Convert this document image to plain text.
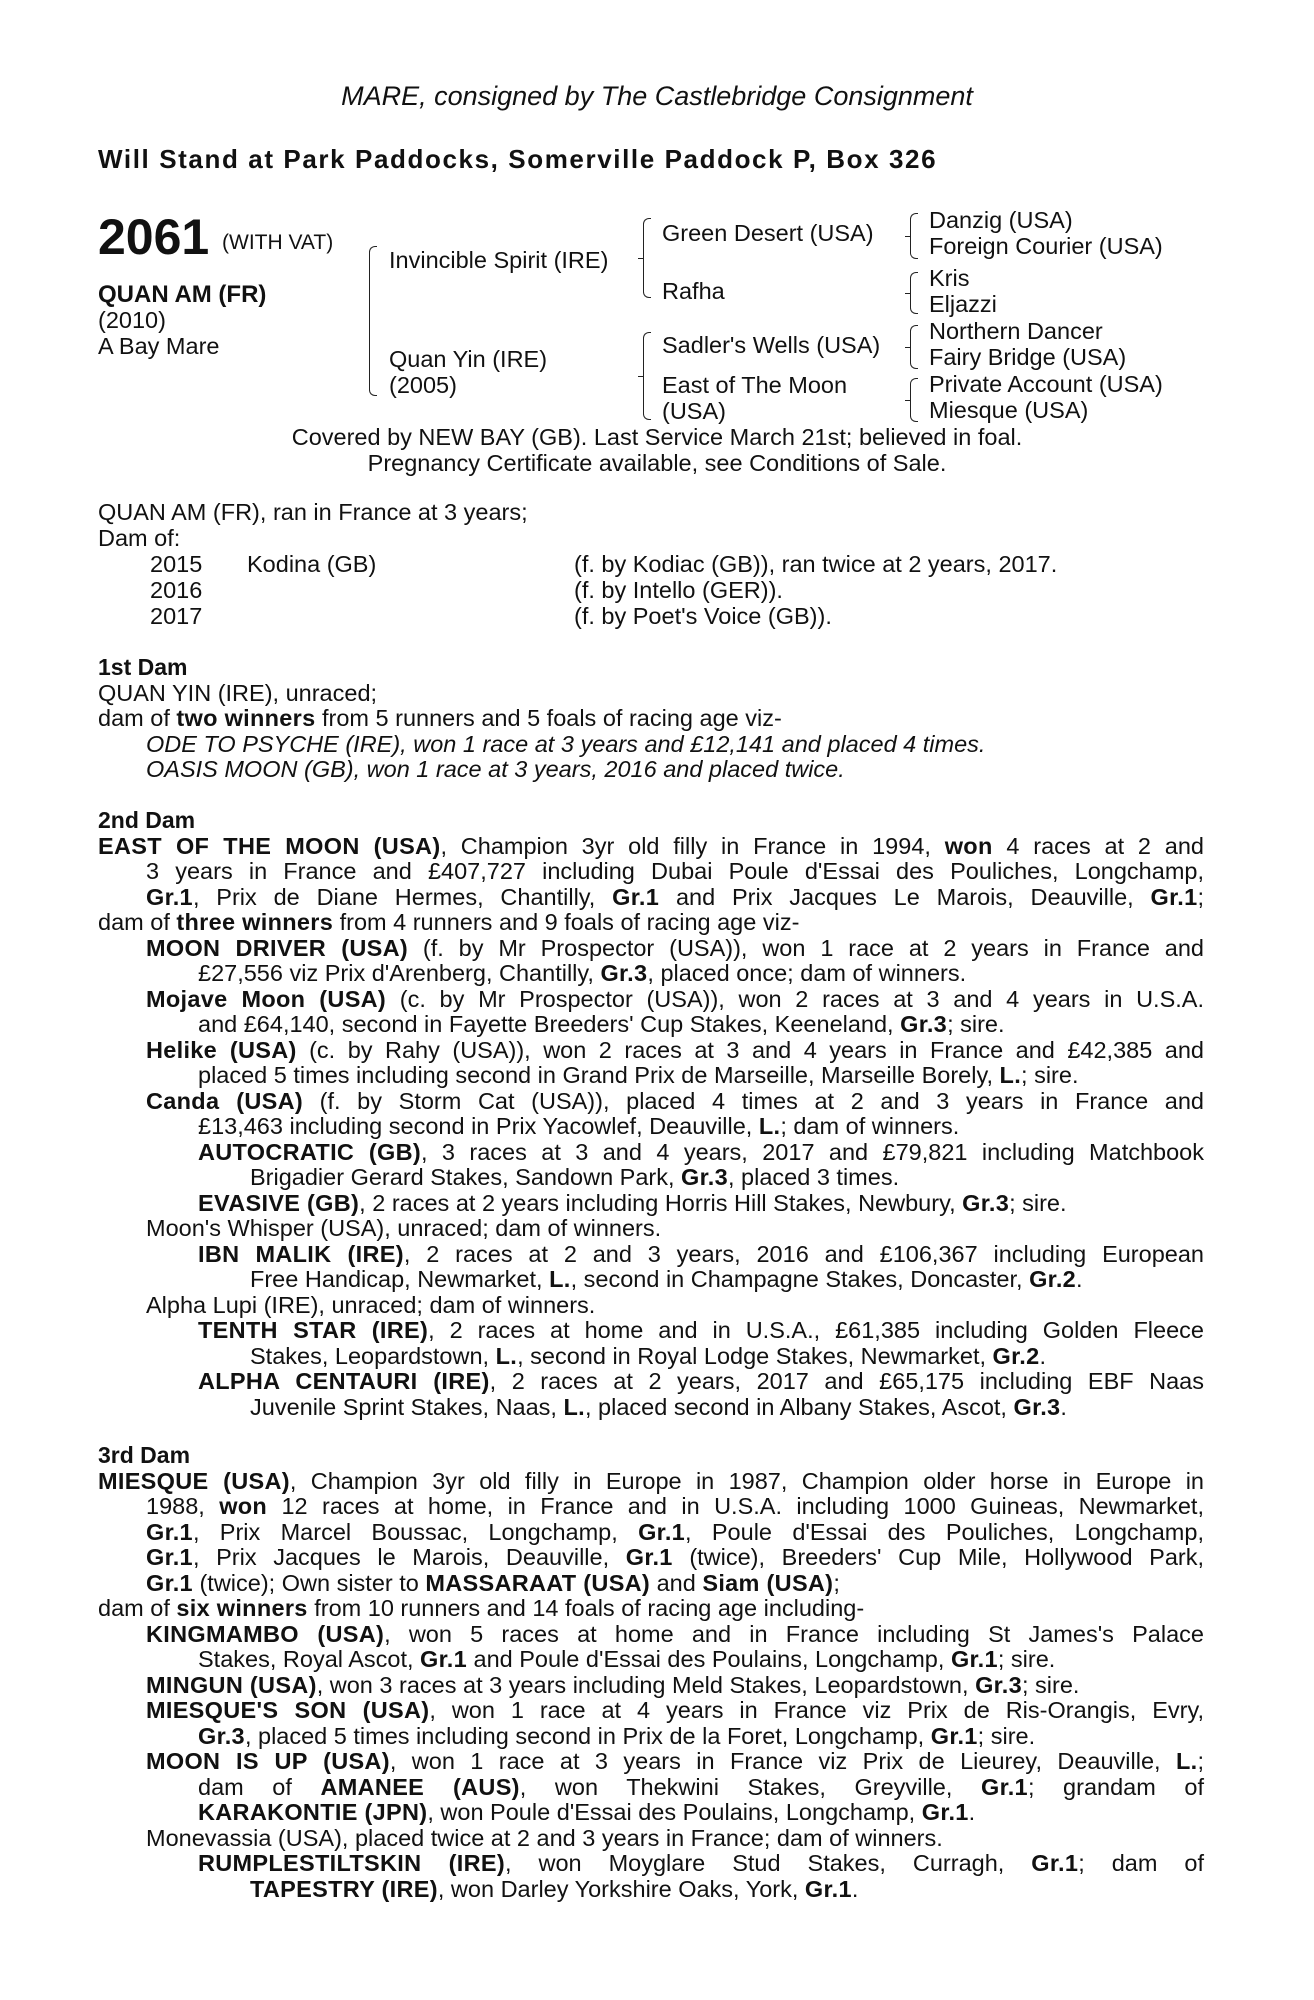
MARE, consigned by The Castlebridge Consignment
Will Stand at Park Paddocks, Somerville Paddock P, Box 326
2061 (WITH VAT)
QUAN AM (FR)
(2010)
A Bay Mare
Invincible Spirit (IRE)
Quan Yin (IRE)
(2005)
Green Desert (USA)
Rafha
Sadler's Wells (USA)
East of The Moon
(USA)
Danzig (USA)
Foreign Courier (USA)
Kris
Eljazzi
Northern Dancer
Fairy Bridge (USA)
Private Account (USA)
Miesque (USA)
Covered by NEW BAY (GB). Last Service March 21st; believed in foal.
Pregnancy Certificate available, see Conditions of Sale.
QUAN AM (FR), ran in France at 3 years;
Dam of:
2015 Kodina (GB)	(f. by Kodiac (GB)), ran twice at 2 years, 2017.
2016	(f. by Intello (GER)).
2017	(f. by Poet's Voice (GB)).
1st Dam
QUAN YIN (IRE), unraced;
dam of two winners from 5 runners and 5 foals of racing age viz-
ODE TO PSYCHE (IRE), won 1 race at 3 years and £12,141 and placed 4 times.
OASIS MOON (GB), won 1 race at 3 years, 2016 and placed twice.
2nd Dam
EAST OF THE MOON (USA), Champion 3yr old filly in France in 1994, won 4 races at 2 and
3 years in France and £407,727 including Dubai Poule d'Essai des Pouliches, Longchamp,
Gr.1, Prix de Diane Hermes, Chantilly, Gr.1 and Prix Jacques Le Marois, Deauville, Gr.1;
dam of three winners from 4 runners and 9 foals of racing age viz-
MOON DRIVER (USA) (f. by Mr Prospector (USA)), won 1 race at 2 years in France and
£27,556 viz Prix d'Arenberg, Chantilly, Gr.3, placed once; dam of winners.
Mojave Moon (USA) (c. by Mr Prospector (USA)), won 2 races at 3 and 4 years in U.S.A.
and £64,140, second in Fayette Breeders' Cup Stakes, Keeneland, Gr.3; sire.
Helike (USA) (c. by Rahy (USA)), won 2 races at 3 and 4 years in France and £42,385 and
placed 5 times including second in Grand Prix de Marseille, Marseille Borely, L.; sire.
Canda (USA) (f. by Storm Cat (USA)), placed 4 times at 2 and 3 years in France and
£13,463 including second in Prix Yacowlef, Deauville, L.; dam of winners.
AUTOCRATIC (GB), 3 races at 3 and 4 years, 2017 and £79,821 including Matchbook
Brigadier Gerard Stakes, Sandown Park, Gr.3, placed 3 times.
EVASIVE (GB), 2 races at 2 years including Horris Hill Stakes, Newbury, Gr.3; sire.
Moon's Whisper (USA), unraced; dam of winners.
IBN MALIK (IRE), 2 races at 2 and 3 years, 2016 and £106,367 including European
Free Handicap, Newmarket, L., second in Champagne Stakes, Doncaster, Gr.2.
Alpha Lupi (IRE), unraced; dam of winners.
TENTH STAR (IRE), 2 races at home and in U.S.A., £61,385 including Golden Fleece
Stakes, Leopardstown, L., second in Royal Lodge Stakes, Newmarket, Gr.2.
ALPHA CENTAURI (IRE), 2 races at 2 years, 2017 and £65,175 including EBF Naas
Juvenile Sprint Stakes, Naas, L., placed second in Albany Stakes, Ascot, Gr.3.
3rd Dam
MIESQUE (USA), Champion 3yr old filly in Europe in 1987, Champion older horse in Europe in
1988, won 12 races at home, in France and in U.S.A. including 1000 Guineas, Newmarket,
Gr.1, Prix Marcel Boussac, Longchamp, Gr.1, Poule d'Essai des Pouliches, Longchamp,
Gr.1, Prix Jacques le Marois, Deauville, Gr.1 (twice), Breeders' Cup Mile, Hollywood Park,
Gr.1 (twice); Own sister to MASSARAAT (USA) and Siam (USA);
dam of six winners from 10 runners and 14 foals of racing age including-
KINGMAMBO (USA), won 5 races at home and in France including St James's Palace
Stakes, Royal Ascot, Gr.1 and Poule d'Essai des Poulains, Longchamp, Gr.1; sire.
MINGUN (USA), won 3 races at 3 years including Meld Stakes, Leopardstown, Gr.3; sire.
MIESQUE'S SON (USA), won 1 race at 4 years in France viz Prix de Ris-Orangis, Evry,
Gr.3, placed 5 times including second in Prix de la Foret, Longchamp, Gr.1; sire.
MOON IS UP (USA), won 1 race at 3 years in France viz Prix de Lieurey, Deauville, L.;
dam of AMANEE (AUS), won Thekwini Stakes, Greyville, Gr.1; grandam of
KARAKONTIE (JPN), won Poule d'Essai des Poulains, Longchamp, Gr.1.
Monevassia (USA), placed twice at 2 and 3 years in France; dam of winners.
RUMPLESTILTSKIN (IRE), won Moyglare Stud Stakes, Curragh, Gr.1; dam of
TAPESTRY (IRE), won Darley Yorkshire Oaks, York, Gr.1.
